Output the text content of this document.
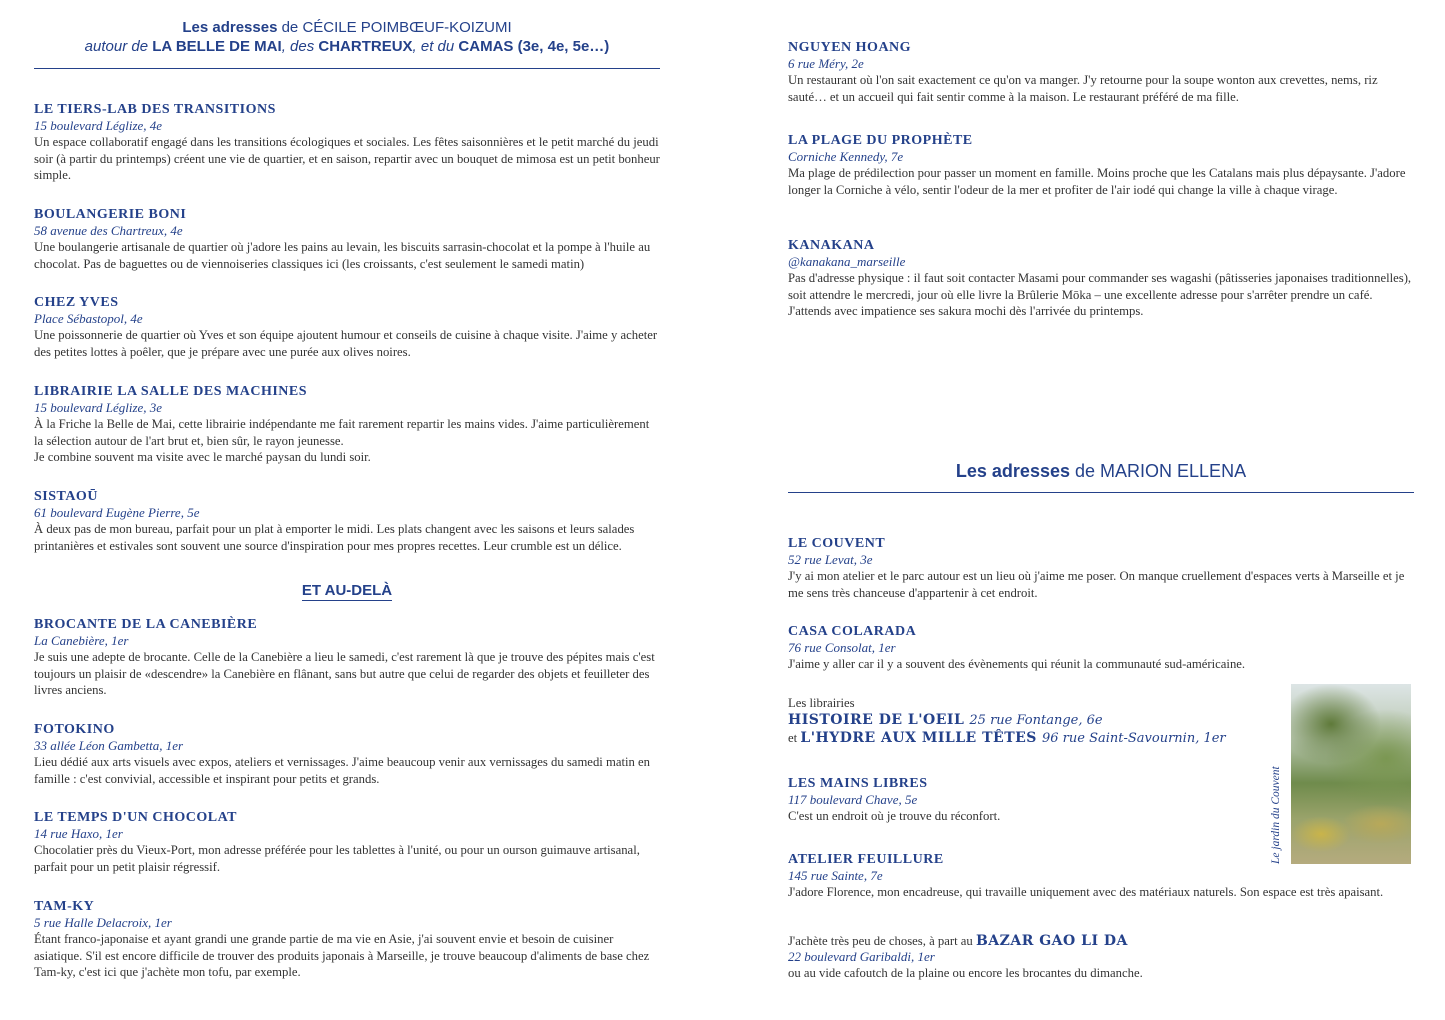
Les adresses de CÉCILE POIMBŒUF-KOIZUMI
autour de LA BELLE DE MAI, des CHARTREUX, et du CAMAS (3e, 4e, 5e…)
LE TIERS-LAB DES TRANSITIONS
15 boulevard Léglize, 4e
Un espace collaboratif engagé dans les transitions écologiques et sociales. Les fêtes saisonnières et le petit marché du jeudi soir (à partir du printemps) créent une vie de quartier, et en saison, repartir avec un bouquet de mimosa est un petit bonheur simple.
BOULANGERIE BONI
58 avenue des Chartreux, 4e
Une boulangerie artisanale de quartier où j'adore les pains au levain, les biscuits sarrasin-chocolat et la pompe à l'huile au chocolat. Pas de baguettes ou de viennoiseries classiques ici (les croissants, c'est seulement le samedi matin)
CHEZ YVES
Place Sébastopol, 4e
Une poissonnerie de quartier où Yves et son équipe ajoutent humour et conseils de cuisine à chaque visite. J'aime y acheter des petites lottes à poêler, que je prépare avec une purée aux olives noires.
LIBRAIRIE LA SALLE DES MACHINES
15 boulevard Léglize, 3e
À la Friche la Belle de Mai, cette librairie indépendante me fait rarement repartir les mains vides. J'aime particulièrement la sélection autour de l'art brut et, bien sûr, le rayon jeunesse.
Je combine souvent ma visite avec le marché paysan du lundi soir.
SISTAOŪ
61 boulevard Eugène Pierre, 5e
À deux pas de mon bureau, parfait pour un plat à emporter le midi. Les plats changent avec les saisons et leurs salades printanières et estivales sont souvent une source d'inspiration pour mes propres recettes. Leur crumble est un délice.
ET AU-DELÀ
BROCANTE DE LA CANEBIÈRE
La Canebière, 1er
Je suis une adepte de brocante. Celle de la Canebière a lieu le samedi, c'est rarement là que je trouve des pépites mais c'est toujours un plaisir de «descendre» la Canebière en flânant, sans but autre que celui de regarder des objets et feuilleter des livres anciens.
FOTOKINO
33 allée Léon Gambetta, 1er
Lieu dédié aux arts visuels avec expos, ateliers et vernissages. J'aime beaucoup venir aux vernissages du samedi matin en famille : c'est convivial, accessible et inspirant pour petits et grands.
LE TEMPS D'UN CHOCOLAT
14 rue Haxo, 1er
Chocolatier près du Vieux-Port, mon adresse préférée pour les tablettes à l'unité, ou pour un ourson guimauve artisanal, parfait pour un petit plaisir régressif.
TAM-KY
5 rue Halle Delacroix, 1er
Étant franco-japonaise et ayant grandi une grande partie de ma vie en Asie, j'ai souvent envie et besoin de cuisiner asiatique. S'il est encore difficile de trouver des produits japonais à Marseille, je trouve beaucoup d'aliments de base chez Tam-ky, c'est ici que j'achète mon tofu, par exemple.
NGUYEN HOANG
6 rue Méry, 2e
Un restaurant où l'on sait exactement ce qu'on va manger. J'y retourne pour la soupe wonton aux crevettes, nems, riz sauté… et un accueil qui fait sentir comme à la maison. Le restaurant préféré de ma fille.
LA PLAGE DU PROPHÈTE
Corniche Kennedy, 7e
Ma plage de prédilection pour passer un moment en famille. Moins proche que les Catalans mais plus dépaysante. J'adore longer la Corniche à vélo, sentir l'odeur de la mer et profiter de l'air iodé qui change la ville à chaque virage.
KANAKANA
@kanakana_marseille
Pas d'adresse physique : il faut soit contacter Masami pour commander ses wagashi (pâtisseries japonaises traditionnelles), soit attendre le mercredi, jour où elle livre la Brûlerie Mōka – une excellente adresse pour s'arrêter prendre un café. J'attends avec impatience ses sakura mochi dès l'arrivée du printemps.
Les adresses de MARION ELLENA
LE COUVENT
52 rue Levat, 3e
J'y ai mon atelier et le parc autour est un lieu où j'aime me poser. On manque cruellement d'espaces verts à Marseille et je me sens très chanceuse d'appartenir à cet endroit.
CASA COLARADA
76 rue Consolat, 1er
J'aime y aller car il y a souvent des évènements qui réunit la communauté sud-américaine.
Les librairies
HISTOIRE DE L'OEIL 25 rue Fontange, 6e
et L'HYDRE AUX MILLE TÊTES 96 rue Saint-Savournin, 1er
LES MAINS LIBRES
117 boulevard Chave, 5e
C'est un endroit où je trouve du réconfort.
ATELIER FEUILLURE
145 rue Sainte, 7e
J'adore Florence, mon encadreuse, qui travaille uniquement avec des matériaux naturels. Son espace est très apaisant.
J'achète très peu de choses, à part au BAZAR GAO LI DA
22 boulevard Garibaldi, 1er
ou au vide cafoutch de la plaine ou encore les brocantes du dimanche.
Le jardin du Couvent
